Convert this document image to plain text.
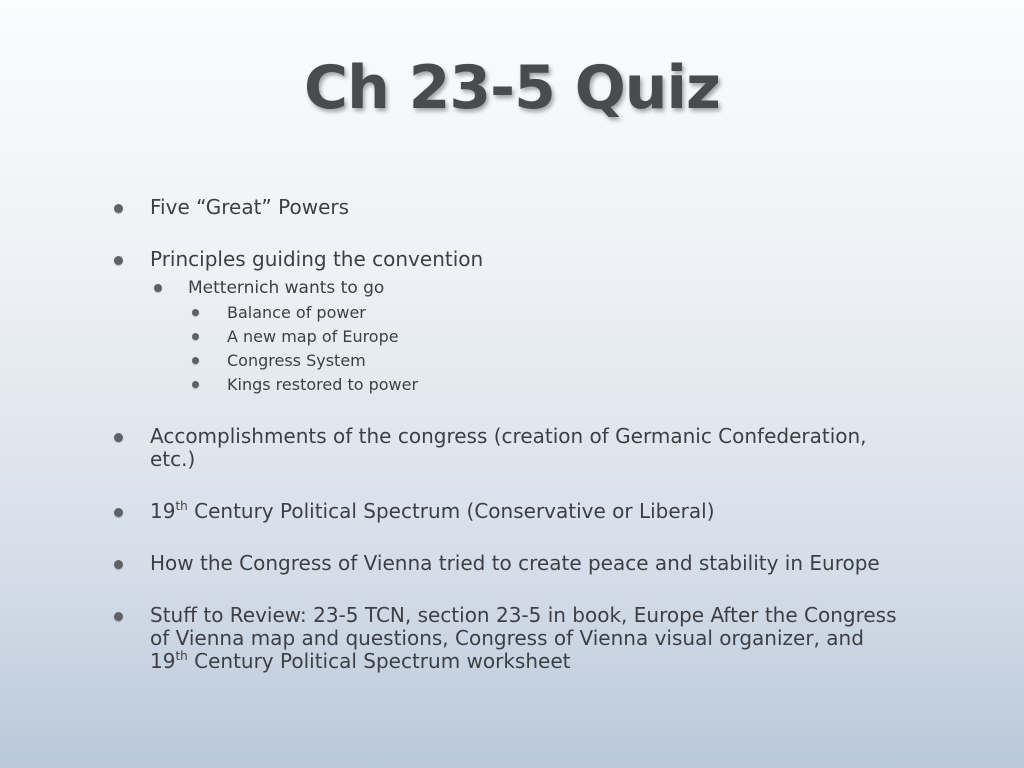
Ch 23-5 Quiz
Five “Great” Powers
Principles guiding the convention
Metternich wants to go
Balance of power
A new map of Europe
Congress System
Kings restored to power
Accomplishments of the congress (creation of Germanic Confederation, etc.)
19th Century Political Spectrum (Conservative or Liberal)
How the Congress of Vienna tried to create peace and stability in Europe
Stuff to Review: 23-5 TCN, section 23-5 in book, Europe After the Congress of Vienna map and questions, Congress of Vienna visual organizer, and 19th Century Political Spectrum worksheet
